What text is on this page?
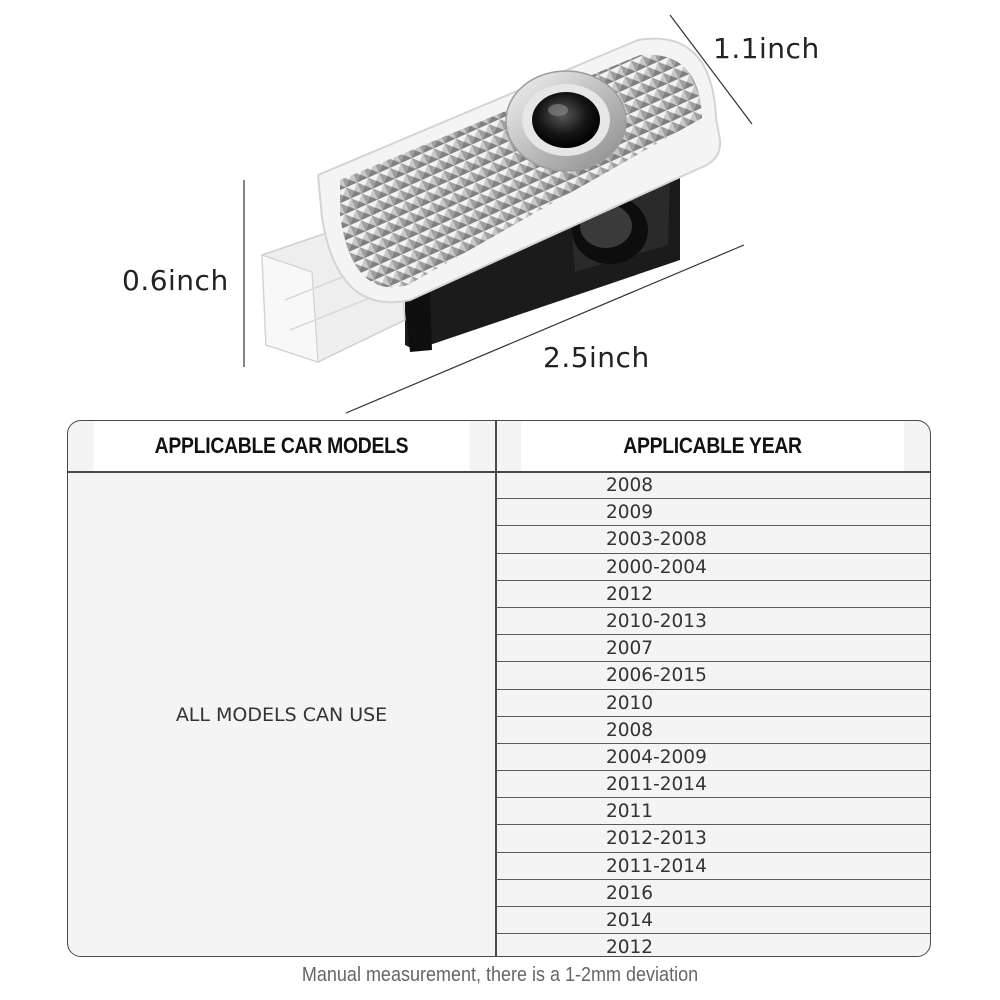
1.1inch
0.6inch
2.5inch
APPLICABLE CAR MODELS	APPLICABLE YEAR
ALL MODELS CAN USE
2008
2009
2003-2008
2000-2004
2012
2010-2013
2007
2006-2015
2010
2008
2004-2009
2011-2014
2011
2012-2013
2011-2014
2016
2014
2012
Manual measurement, there is a 1-2mm deviation
